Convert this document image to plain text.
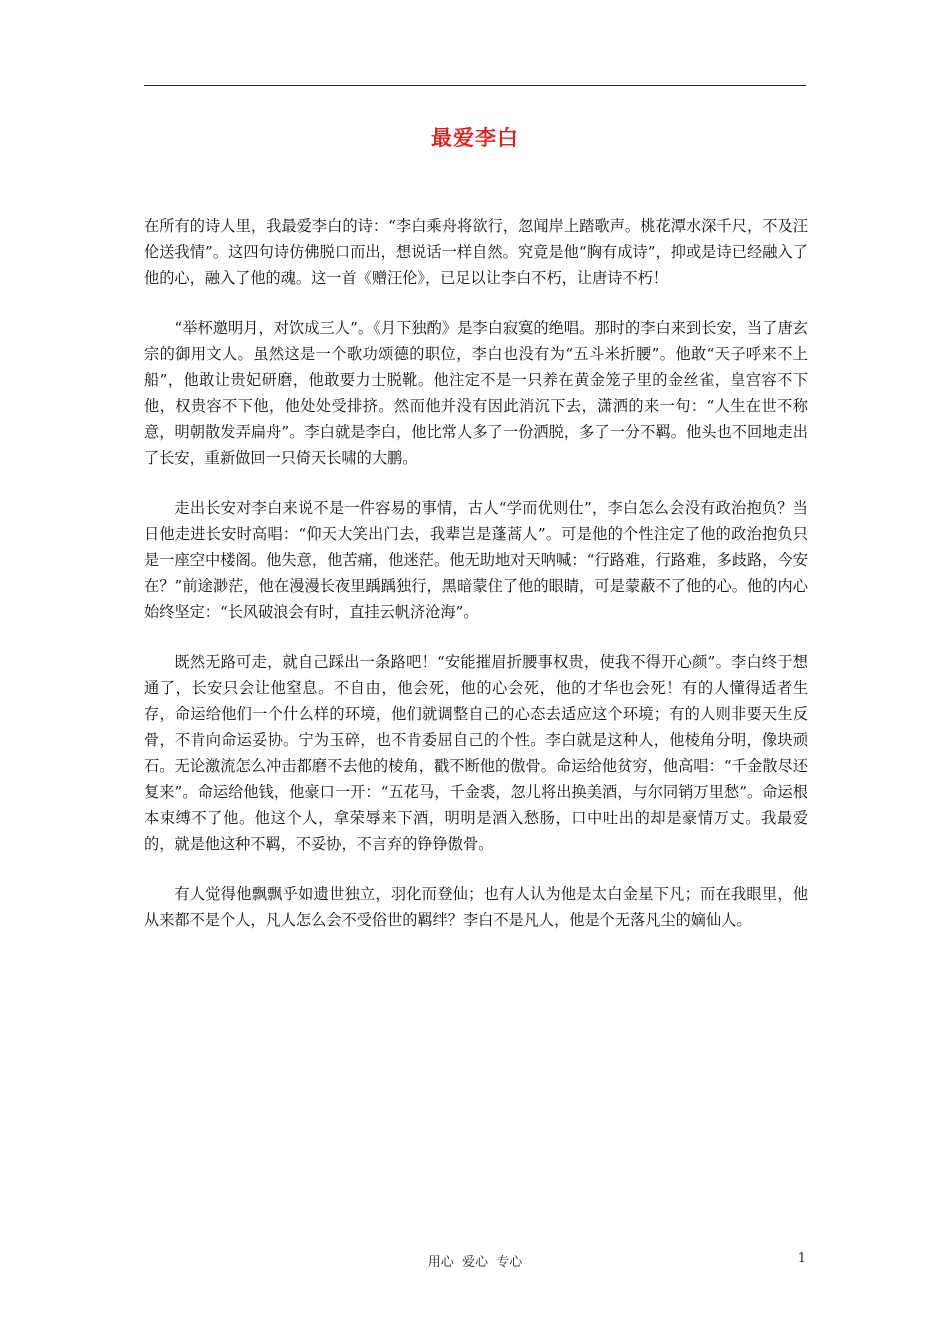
最爱李白

在所有的诗人里，我最爱李白的诗：“李白乘舟将欲行，忽闻岸上踏歌声。桃花潭水深千尺，不及汪伦送我情”。这四句诗仿佛脱口而出，想说话一样自然。究竟是他“胸有成诗”，抑或是诗已经融入了他的心，融入了他的魂。这一首《赠汪伦》，已足以让李白不朽，让唐诗不朽！

“举杯邀明月，对饮成三人”。《月下独酌》是李白寂寞的绝唱。那时的李白来到长安，当了唐玄宗的御用文人。虽然这是一个歌功颂德的职位，李白也没有为“五斗米折腰”。他敢“天子呼来不上船”，他敢让贵妃研磨，他敢要力士脱靴。他注定不是一只养在黄金笼子里的金丝雀，皇宫容不下他，权贵容不下他，他处处受排挤。然而他并没有因此消沉下去，潇洒的来一句：“人生在世不称意，明朝散发弄扁舟”。李白就是李白，他比常人多了一份洒脱，多了一分不羁。他头也不回地走出了长安，重新做回一只倚天长啸的大鹏。

走出长安对李白来说不是一件容易的事情，古人“学而优则仕”，李白怎么会没有政治抱负？当日他走进长安时高唱：“仰天大笑出门去，我辈岂是蓬蒿人”。可是他的个性注定了他的政治抱负只是一座空中楼阁。他失意，他苦痛，他迷茫。他无助地对天呐喊：“行路难，行路难，多歧路，今安在？”前途渺茫，他在漫漫长夜里踽踽独行，黑暗蒙住了他的眼睛，可是蒙蔽不了他的心。他的内心始终坚定：“长风破浪会有时，直挂云帆济沧海”。

既然无路可走，就自己踩出一条路吧！“安能摧眉折腰事权贵，使我不得开心颜”。李白终于想通了，长安只会让他窒息。不自由，他会死，他的心会死，他的才华也会死！有的人懂得适者生存，命运给他们一个什么样的环境，他们就调整自己的心态去适应这个环境；有的人则非要天生反骨，不肯向命运妥协。宁为玉碎，也不肯委屈自己的个性。李白就是这种人，他棱角分明，像块顽石。无论激流怎么冲击都磨不去他的棱角，戳不断他的傲骨。命运给他贫穷，他高唱：“千金散尽还复来”。命运给他钱，他豪口一开：“五花马，千金裘，忽儿将出换美酒，与尔同销万里愁”。命运根本束缚不了他。他这个人，拿荣辱来下酒，明明是酒入愁肠，口中吐出的却是豪情万丈。我最爱的，就是他这种不羁，不妥协，不言弃的铮铮傲骨。

有人觉得他飘飘乎如遗世独立，羽化而登仙；也有人认为他是太白金星下凡；而在我眼里，他从来都不是个人，凡人怎么会不受俗世的羁绊？李白不是凡人，他是个无落凡尘的嫡仙人。

用心  爱心  专心	1
